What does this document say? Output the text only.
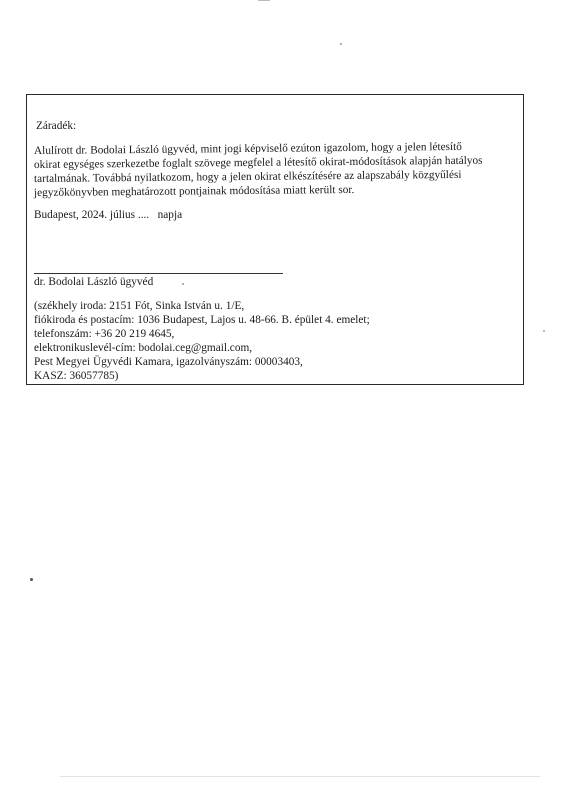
Záradék:
Alulírott dr. Bodolai László ügyvéd, mint jogi képviselő ezúton igazolom, hogy a jelen létesítő
okirat egységes szerkezetbe foglalt szövege megfelel a létesítő okirat-módosítások alapján hatályos
tartalmának. Továbbá nyilatkozom, hogy a jelen okirat elkészítésére az alapszabály közgyűlési
jegyzőkönyvben meghatározott pontjainak módosítása miatt került sor.
Budapest, 2024. július ....   napja
dr. Bodolai László ügyvéd
(székhely iroda: 2151 Fót, Sinka István u. 1/E,
fiókiroda és postacím: 1036 Budapest, Lajos u. 48-66. B. épület 4. emelet;
telefonszám: +36 20 219 4645,
elektronikuslevél-cím: bodolai.ceg@gmail.com,
Pest Megyei Ügyvédi Kamara, igazolványszám: 00003403,
KASZ: 36057785)
